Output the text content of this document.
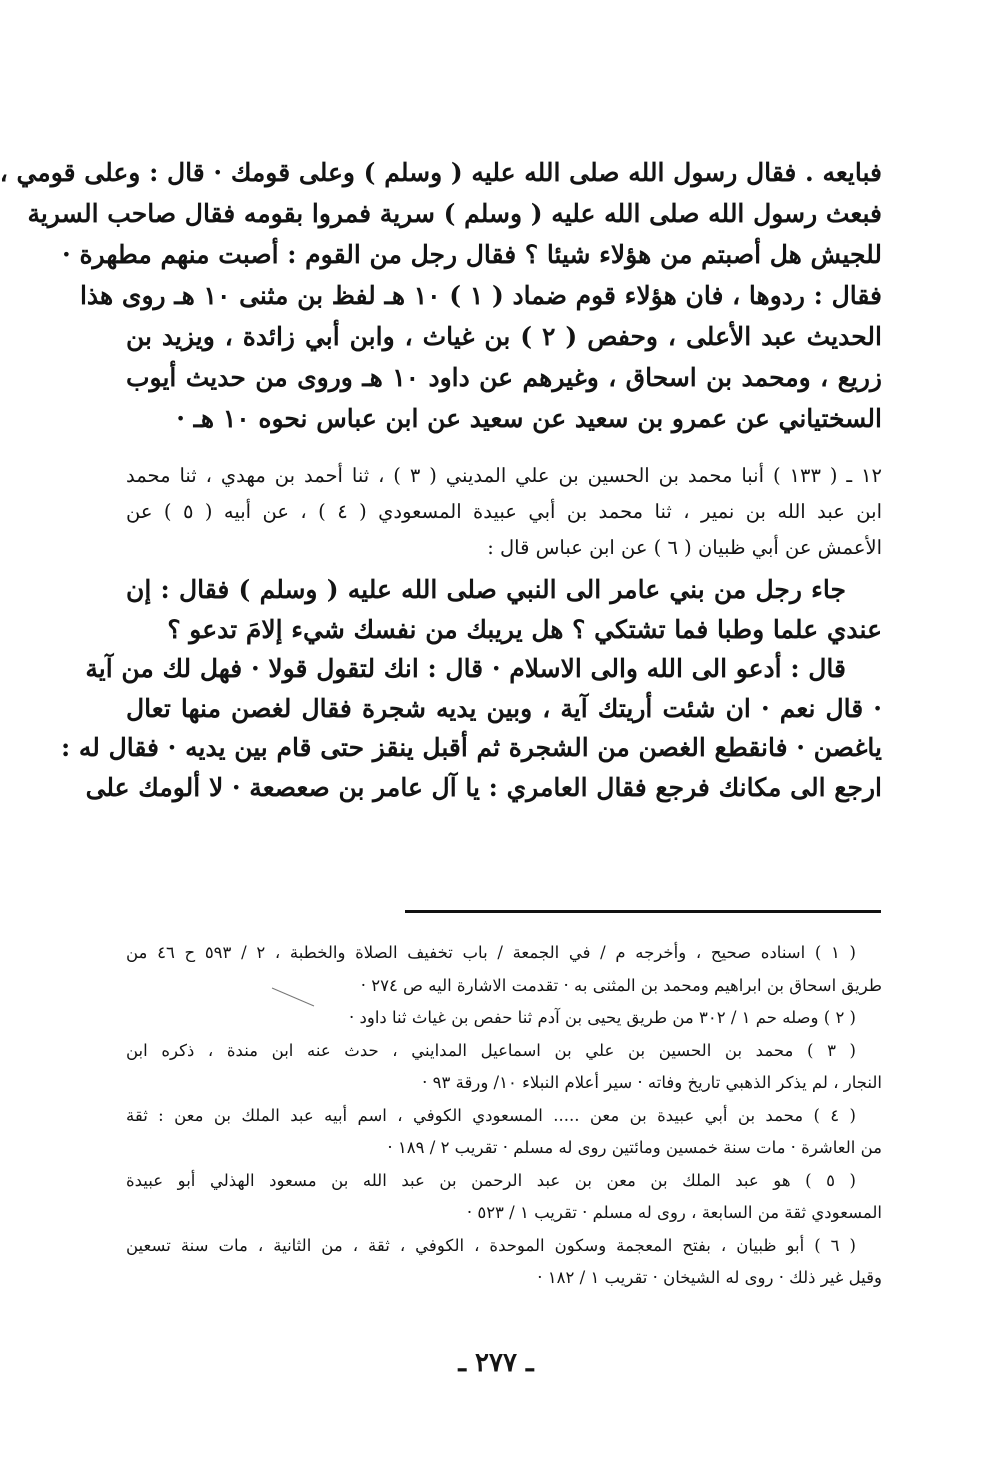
فبايعه . فقال رسول الله صلى الله عليه ( وسلم ) وعلى قومك · قال : وعلى قومي ،
فبعث رسول الله صلى الله عليه ( وسلم ) سرية فمروا بقومه فقال صاحب السرية
للجيش هل أصبتم من هؤلاء شيئا ؟ فقال رجل من القوم : أصبت منهم مطهرة ·
فقال : ردوها ، فان هؤلاء قوم ضماد ( ١ ) ١٠ هـ لفظ بن مثنى ١٠ هـ روى هذا
الحديث عبد الأعلى ، وحفص ( ٢ ) بن غياث ، وابن أبي زائدة ، ويزيد بن
زريع ، ومحمد بن اسحاق ، وغيرهم عن داود ١٠ هـ وروى من حديث أيوب
السختياني عن عمرو بن سعيد عن سعيد عن ابن عباس نحوه ١٠ هـ ·
١٢ ـ ( ١٣٣ ) أنبا محمد بن الحسين بن علي المديني ( ٣ ) ، ثنا أحمد بن مهدي ، ثنا محمد
ابن عبد الله بن نمير ، ثنا محمد بن أبي عبيدة المسعودي ( ٤ ) ، عن أبيه ( ٥ ) عن
الأعمش عن أبي ظبيان ( ٦ ) عن ابن عباس قال :
جاء رجل من بني عامر الى النبي صلى الله عليه ( وسلم ) فقال : إن
عندي علما وطبا فما تشتكي ؟ هل يريبك من نفسك شيء إلامَ تدعو ؟
قال : أدعو الى الله والى الاسلام · قال : انك لتقول قولا · فهل لك من آية
· قال نعم · ان شئت أريتك آية ، وبين يديه شجرة فقال لغصن منها تعال
ياغصن · فانقطع الغصن من الشجرة ثم أقبل ينقز حتى قام بين يديه · فقال له :
ارجع الى مكانك فرجع فقال العامري : يا آل عامر بن صعصعة · لا ألومك على
( ١ ) اسناده صحيح ، وأخرجه م / في الجمعة / باب تخفيف الصلاة والخطبة ، ٢ / ٥٩٣ ح ٤٦ من
طريق اسحاق بن ابراهيم ومحمد بن المثنى به · تقدمت الاشارة اليه ص ٢٧٤ ·
( ٢ ) وصله حم ١ / ٣٠٢ من طريق يحيى بن آدم ثنا حفص بن غياث ثنا داود ·
( ٣ ) محمد بن الحسين بن علي بن اسماعيل المدايني ، حدث عنه ابن مندة ، ذكره ابن
النجار ، لم يذكر الذهبي تاريخ وفاته · سير أعلام النبلاء ١٠/ ورقة ٩٣ ·
( ٤ ) محمد بن أبي عبيدة بن معن ..... المسعودي الكوفي ، اسم أبيه عبد الملك بن معن : ثقة
من العاشرة · مات سنة خمسين ومائتين روى له مسلم · تقريب ٢ / ١٨٩ ·
( ٥ ) هو عبد الملك بن معن بن عبد الرحمن بن عبد الله بن مسعود الهذلي أبو عبيدة
المسعودي ثقة من السابعة ، روى له مسلم · تقريب ١ / ٥٢٣ ·
( ٦ ) أبو ظبيان ، بفتح المعجمة وسكون الموحدة ، الكوفي ، ثقة ، من الثانية ، مات سنة تسعين
وقيل غير ذلك · روى له الشيخان · تقريب ١ / ١٨٢ ·
ـ ٢٧٧ ـ
